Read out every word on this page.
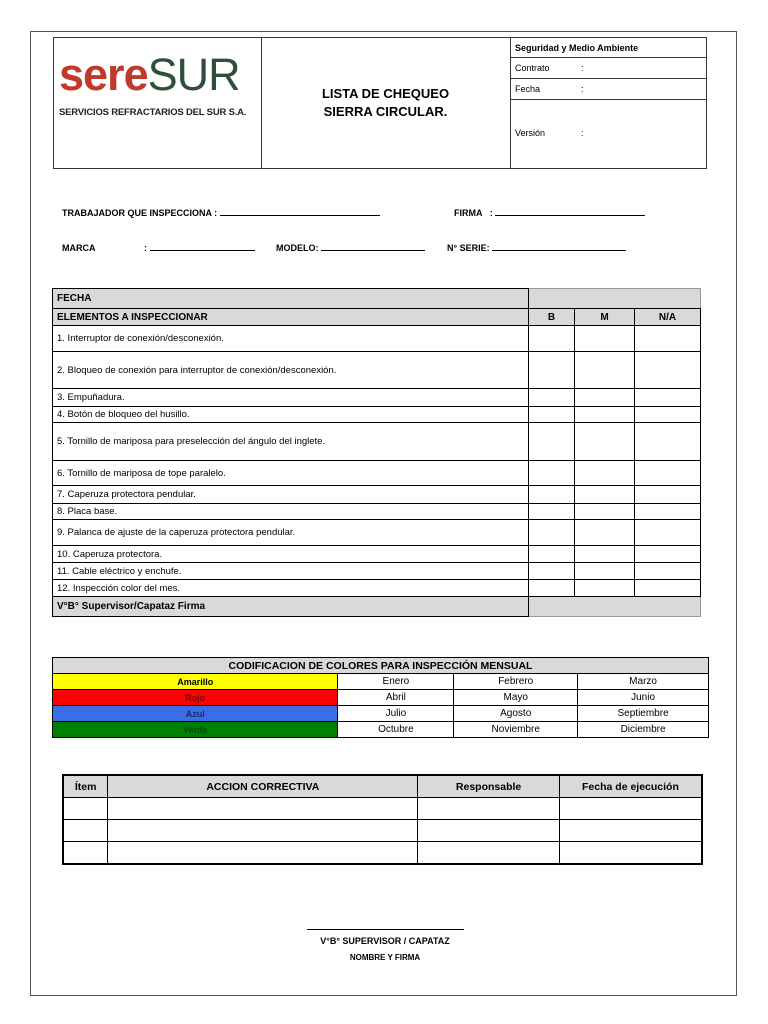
sereSUR
SERVICIOS REFRACTARIOS DEL SUR S.A.
LISTA DE CHEQUEO
SIERRA CIRCULAR.
Seguridad y Medio Ambiente
Contrato	:
Fecha	:
Versión	:
TRABAJADOR QUE INSPECCIONA :	FIRMA :
MARCA	:	MODELO:	N° SERIE:
FECHA			
ELEMENTOS A INSPECCIONAR	B	M	N/A
1. Interruptor de conexión/desconexión.			
2. Bloqueo de conexión para interruptor de conexión/desconexión.			
3. Empuñadura.			
4. Botón de bloqueo del husillo.			
5. Tornillo de mariposa para preselección del ángulo del inglete.			
6. Tornillo de mariposa de tope paralelo.			
7. Caperuza protectora pendular.			
8. Placa base.			
9. Palanca de ajuste de la caperuza protectora pendular.			
10. Caperuza protectora.			
11. Cable eléctrico y enchufe.			
12. Inspección color del mes.			
V°B° Supervisor/Capataz Firma			
CODIFICACION DE COLORES PARA INSPECCIÓN MENSUAL			
Amarillo	Enero	Febrero	Marzo
Rojo	Abril	Mayo	Junio
Azul	Julio	Agosto	Septiembre
Verde	Octubre	Noviembre	Diciembre
Ítem	ACCION CORRECTIVA	Responsable	Fecha de ejecución

V°B° SUPERVISOR / CAPATAZ
NOMBRE Y FIRMA
